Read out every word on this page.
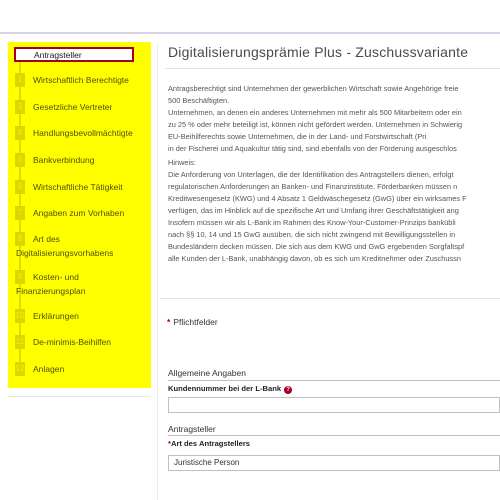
Antragsteller
2	Wirtschaftlich Berechtigte
3	Gesetzliche Vertreter
4	Handlungsbevollmächtigte
5	Bankverbindung
6	Wirtschaftliche Tätigkeit
7	Angaben zum Vorhaben
8	Art des
Digitalisierungsvorhabens
9	Kosten- und
Finanzierungsplan
10 Erklärungen
11 De-minimis-Beihilfen
12 Anlagen
Digitalisierungsprämie Plus - Zuschussvariante
Antragsberechtigt sind Unternehmen der gewerblichen Wirtschaft sowie Angehörige freie
500 Beschäftigten.
Unternehmen, an denen ein anderes Unternehmen mit mehr als 500 Mitarbeitern oder ein
zu 25 % oder mehr beteiligt ist, können nicht gefördert werden. Unternehmen in Schwierig
EU-Beihilferechts sowie Unternehmen, die in der Land- und Forstwirtschaft (Pri
in der Fischerei und Aquakultur tätig sind, sind ebenfalls von der Förderung ausgeschlos
Hinweis:
Die Anforderung von Unterlagen, die der Identifikation des Antragstellers dienen, erfolgt
regulatorischen Anforderungen an Banken- und Finanzinstitute. Förderbanken müssen n
Kreditwesengesetz (KWG) und 4 Absatz 1 Geldwäschegesetz (GwG) über ein wirksames F
verfügen, das im Hinblick auf die spezifische Art und Umfang ihrer Geschäftstätigkeit ang
Insofern müssen wir als L-Bank im Rahmen des Know-Your-Customer-Prinzips bankübli
nach §§ 10, 14 und 15 GwG ausüben, die sich nicht zwingend mit Bewilligungsstellen in
Bundesländern decken müssen. Die sich aus dem KWG und GwG ergebenden Sorgfaltspf
alle Kunden der L-Bank, unabhängig davon, ob es sich um Kreditnehmer oder Zuschussn
* Pflichtfelder
Allgemeine Angaben
Kundennummer bei der L-Bank ?
Antragsteller
*Art des Antragstellers
Juristische Person
